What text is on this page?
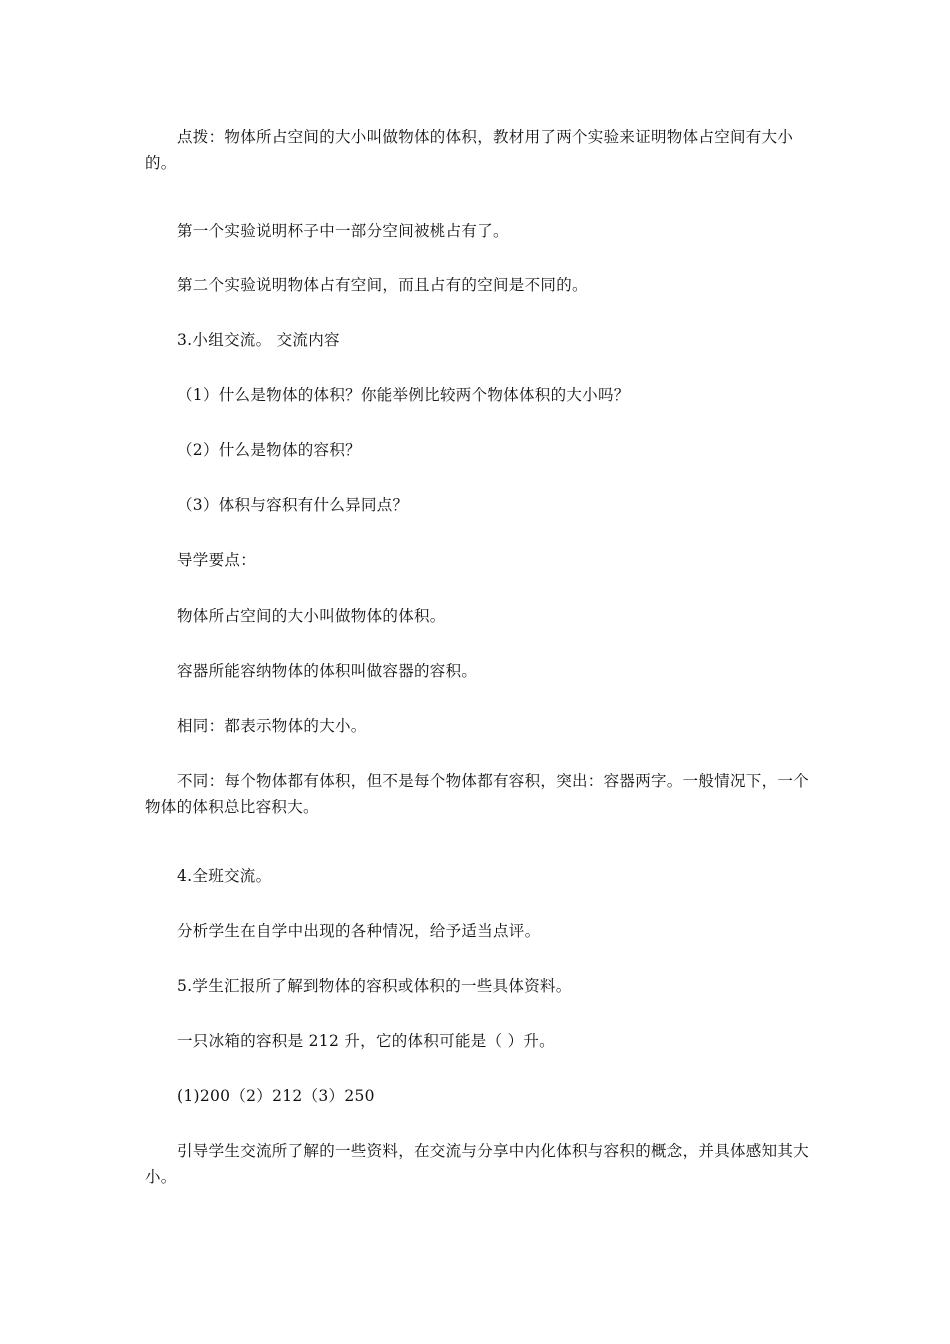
点拨：物体所占空间的大小叫做物体的体积，教材用了两个实验来证明物体占空间有大小的。

第一个实验说明杯子中一部分空间被桃占有了。

第二个实验说明物体占有空间，而且占有的空间是不同的。

3.小组交流。 交流内容

（1）什么是物体的体积？你能举例比较两个物体体积的大小吗？

（2）什么是物体的容积？

（3）体积与容积有什么异同点？

导学要点：

物体所占空间的大小叫做物体的体积。

容器所能容纳物体的体积叫做容器的容积。

相同：都表示物体的大小。

不同：每个物体都有体积，但不是每个物体都有容积，突出：容器两字。一般情况下，一个物体的体积总比容积大。

4.全班交流。

分析学生在自学中出现的各种情况，给予适当点评。

5.学生汇报所了解到物体的容积或体积的一些具体资料。

一只冰箱的容积是 212 升，它的体积可能是（ ）升。

(1)200（2）212（3）250

引导学生交流所了解的一些资料，在交流与分享中内化体积与容积的概念，并具体感知其大小。
